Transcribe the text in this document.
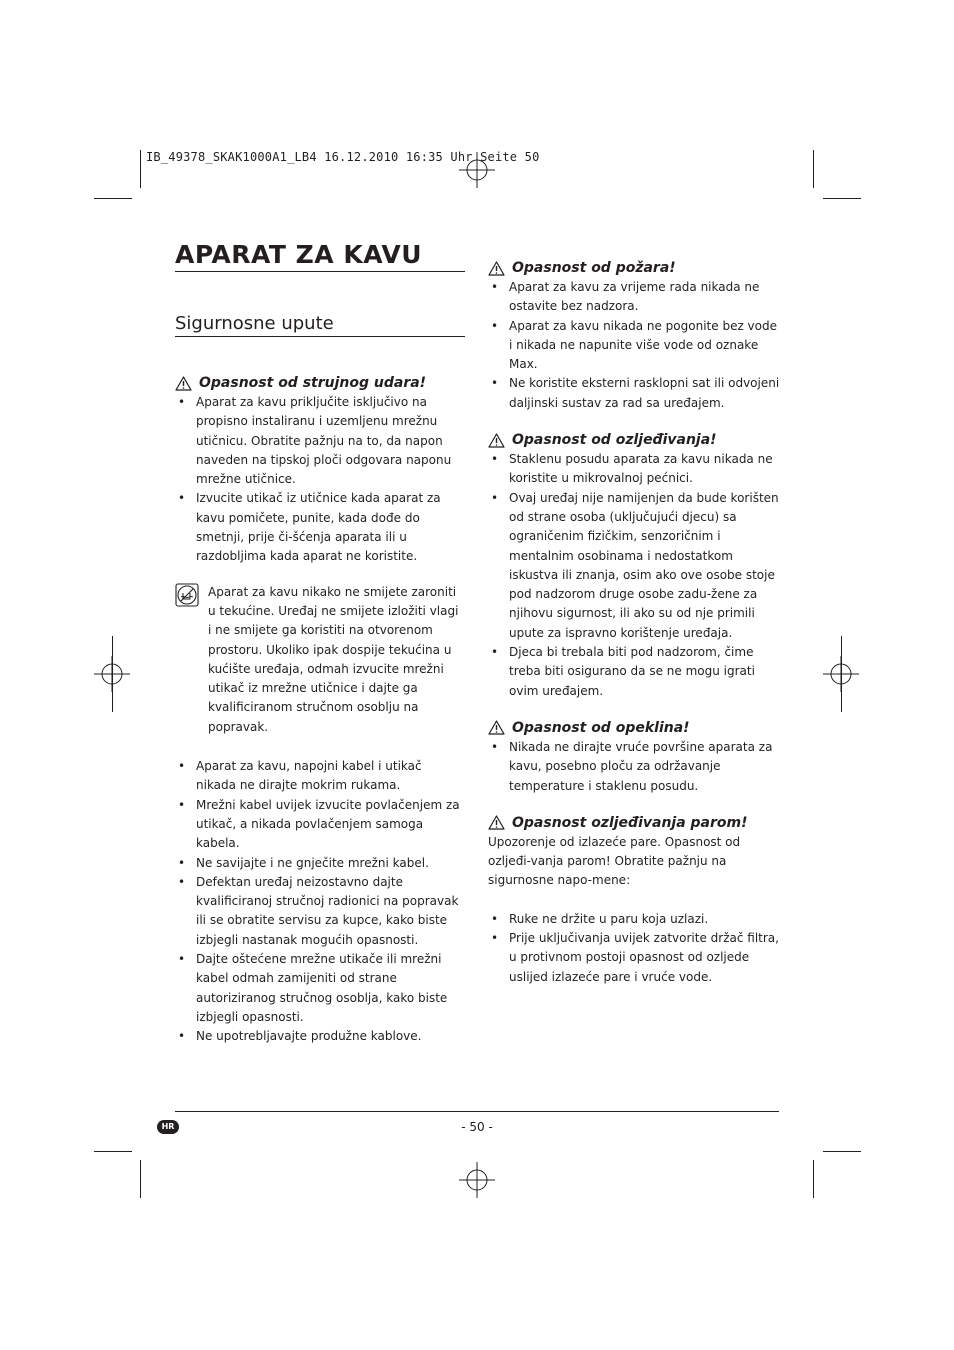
IB_49378_SKAK1000A1_LB4 16.12.2010 16:35 Uhr Seite 50
APARAT ZA KAVU
Sigurnosne upute
Opasnost od strujnog udara!
• Aparat za kavu priključite isključivo na propisno instaliranu i uzemljenu mrežnu utičnicu. Obratite pažnju na to, da napon naveden na tipskoj ploči odgovara naponu mrežne utičnice.
• Izvucite utikač iz utičnice kada aparat za kavu pomičete, punite, kada dođe do smetnji, prije či-šćenja aparata ili u razdobljima kada aparat ne koristite.
Aparat za kavu nikako ne smijete zaroniti u tekućine. Uređaj ne smijete izložiti vlagi i ne smijete ga koristiti na otvorenom prostoru. Ukoliko ipak dospije tekućina u kućište uređaja, odmah izvucite mrežni utikač iz mrežne utičnice i dajte ga kvalificiranom stručnom osoblju na popravak.
• Aparat za kavu, napojni kabel i utikač nikada ne dirajte mokrim rukama.
• Mrežni kabel uvijek izvucite povlačenjem za utikač, a nikada povlačenjem samoga kabela.
• Ne savijajte i ne gnječite mrežni kabel.
• Defektan uređaj neizostavno dajte kvalificiranoj stručnoj radionici na popravak ili se obratite servisu za kupce, kako biste izbjegli nastanak mogućih opasnosti.
• Dajte oštećene mrežne utikače ili mrežni kabel odmah zamijeniti od strane autoriziranog stručnog osoblja, kako biste izbjegli opasnosti.
• Ne upotrebljavajte produžne kablove.
Opasnost od požara!
• Aparat za kavu za vrijeme rada nikada ne ostavite bez nadzora.
• Aparat za kavu nikada ne pogonite bez vode i nikada ne napunite više vode od oznake Max.
• Ne koristite eksterni rasklopni sat ili odvojeni daljinski sustav za rad sa uređajem.
Opasnost od ozljeđivanja!
• Staklenu posudu aparata za kavu nikada ne koristite u mikrovalnoj pećnici.
• Ovaj uređaj nije namijenjen da bude korišten od strane osoba (uključujući djecu) sa ograničenim fizičkim, senzoričnim i mentalnim osobinama i nedostatkom iskustva ili znanja, osim ako ove osobe stoje pod nadzorom druge osobe zadu-žene za njihovu sigurnost, ili ako su od nje primili upute za ispravno korištenje uređaja.
• Djeca bi trebala biti pod nadzorom, čime treba biti osigurano da se ne mogu igrati ovim uređajem.
Opasnost od opeklina!
• Nikada ne dirajte vruće površine aparata za kavu, posebno ploču za održavanje temperature i staklenu posudu.
Opasnost ozljeđivanja parom!

Upozorenje od izlazeće pare. Opasnost od ozljeđi-vanja parom! Obratite pažnju na sigurnosne napo-mene:

• Ruke ne držite u paru koja uzlazi.
• Prije uključivanja uvijek zatvorite držač filtra, u protivnom postoji opasnost od ozljede uslijed izlazeće pare i vruće vode.
HR	- 50 -
